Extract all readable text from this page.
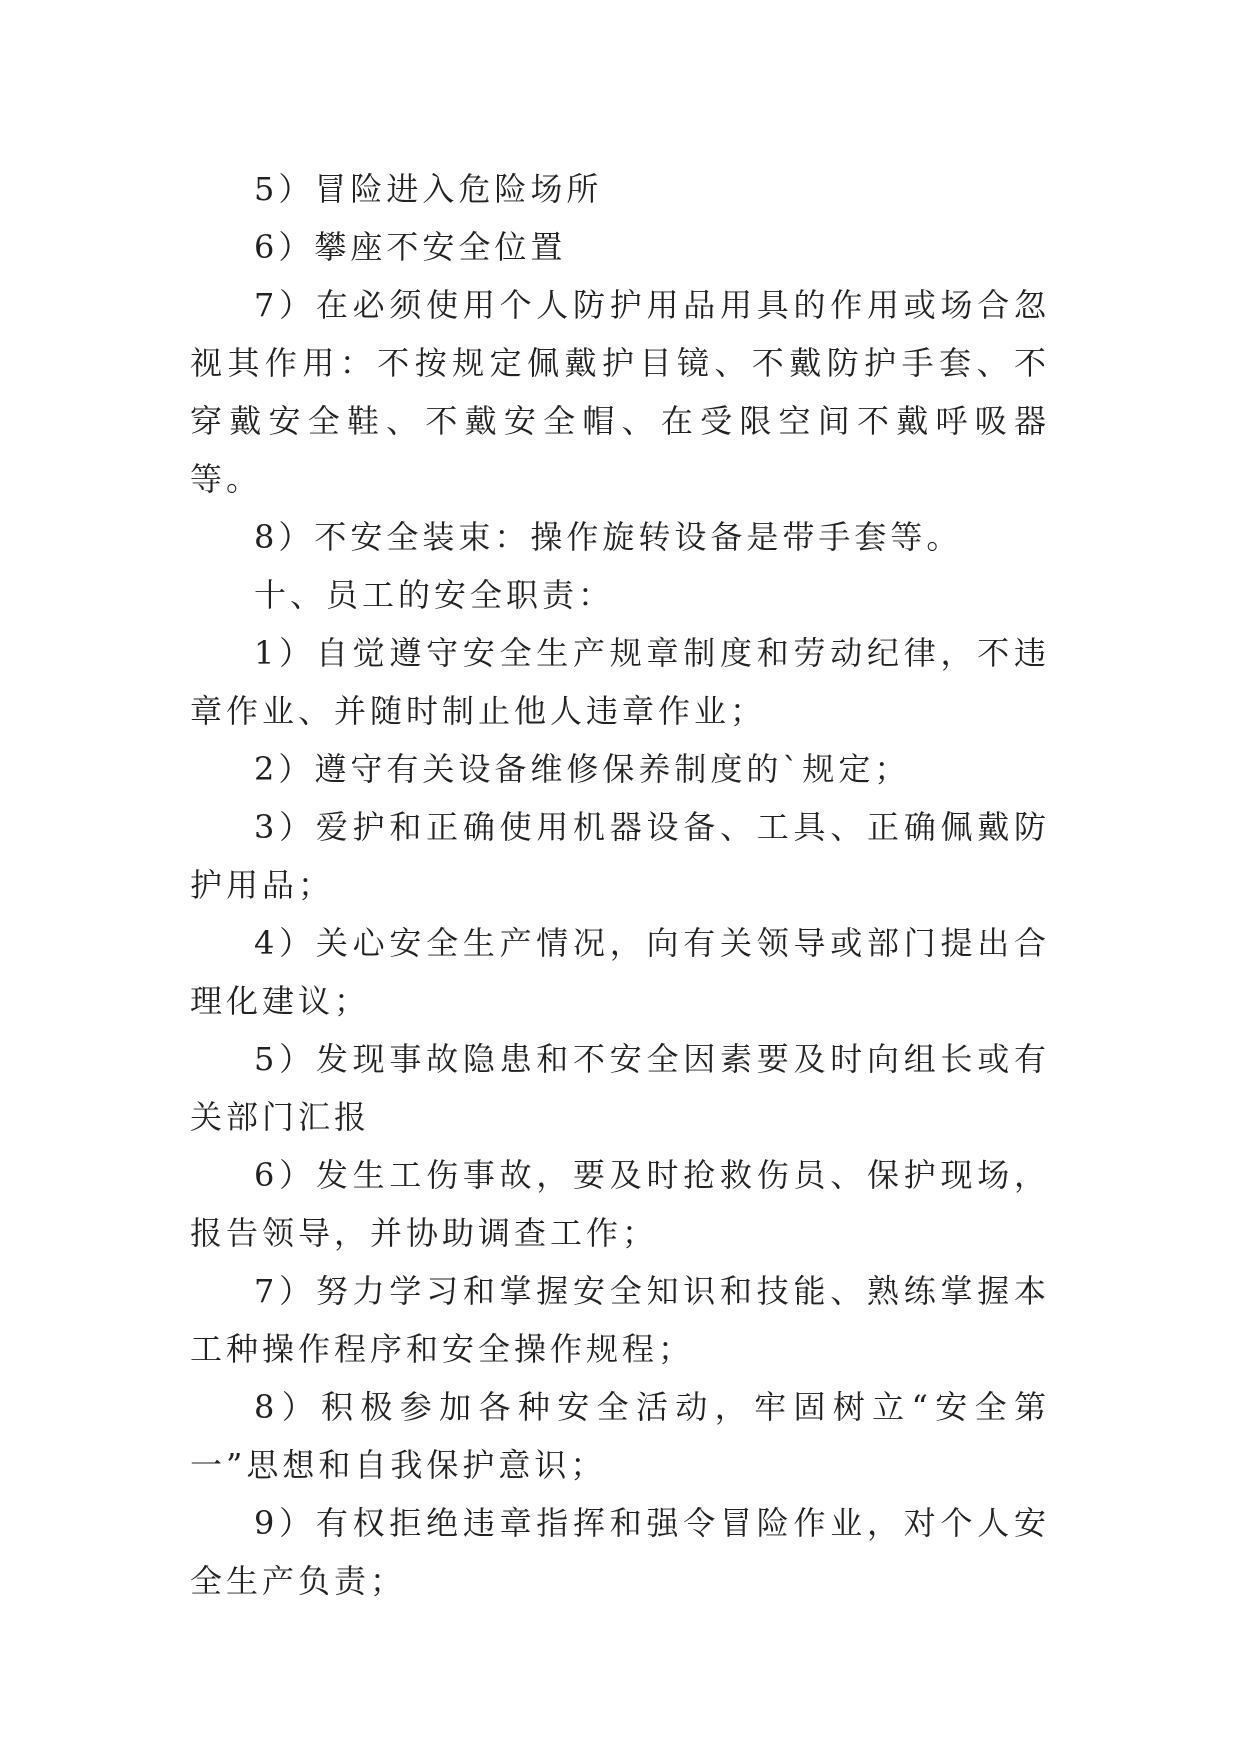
5）冒险进入危险场所

6）攀座不安全位置

7）在必须使用个人防护用品用具的作用或场合忽视其作用：不按规定佩戴护目镜、不戴防护手套、不穿戴安全鞋、不戴安全帽、在受限空间不戴呼吸器等。

8）不安全装束：操作旋转设备是带手套等。

十、员工的安全职责：

1）自觉遵守安全生产规章制度和劳动纪律，不违章作业、并随时制止他人违章作业；

2）遵守有关设备维修保养制度的`规定；

3）爱护和正确使用机器设备、工具、正确佩戴防护用品；

4）关心安全生产情况，向有关领导或部门提出合理化建议；

5）发现事故隐患和不安全因素要及时向组长或有关部门汇报

6）发生工伤事故，要及时抢救伤员、保护现场，报告领导，并协助调查工作；

7）努力学习和掌握安全知识和技能、熟练掌握本工种操作程序和安全操作规程；

8）积极参加各种安全活动，牢固树立“安全第一”思想和自我保护意识；

9）有权拒绝违章指挥和强令冒险作业，对个人安全生产负责；
